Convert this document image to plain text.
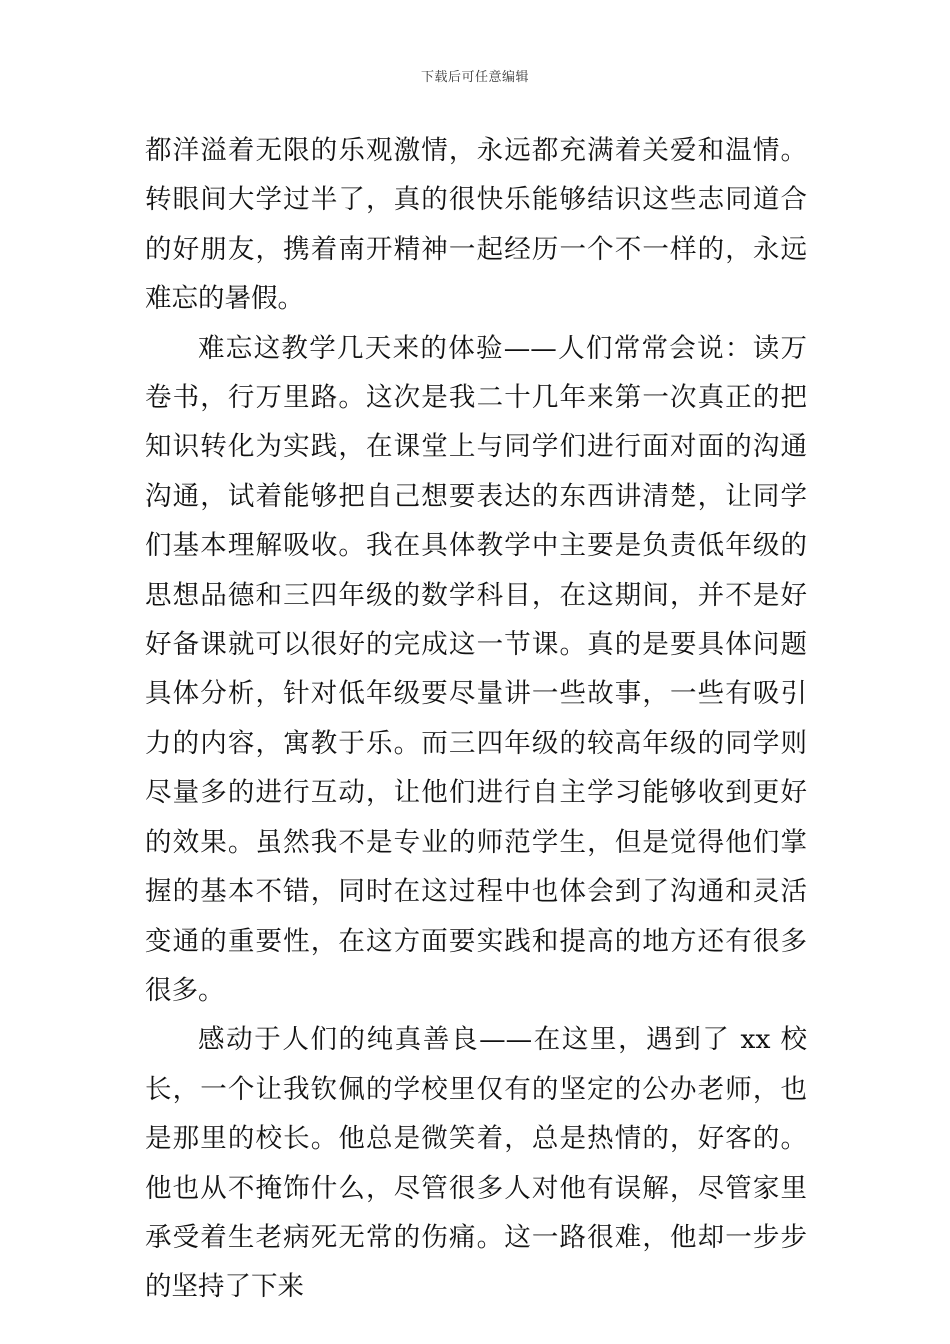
下载后可任意编辑

都洋溢着无限的乐观激情，永远都充满着关爱和温情。转眼间大学过半了，真的很快乐能够结识这些志同道合的好朋友，携着南开精神一起经历一个不一样的，永远难忘的暑假。

难忘这教学几天来的体验——人们常常会说：读万卷书，行万里路。这次是我二十几年来第一次真正的把知识转化为实践，在课堂上与同学们进行面对面的沟通沟通，试着能够把自己想要表达的东西讲清楚，让同学们基本理解吸收。我在具体教学中主要是负责低年级的思想品德和三四年级的数学科目，在这期间，并不是好好备课就可以很好的完成这一节课。真的是要具体问题具体分析，针对低年级要尽量讲一些故事，一些有吸引力的内容，寓教于乐。而三四年级的较高年级的同学则尽量多的进行互动，让他们进行自主学习能够收到更好的效果。虽然我不是专业的师范学生，但是觉得他们掌握的基本不错，同时在这过程中也体会到了沟通和灵活变通的重要性，在这方面要实践和提高的地方还有很多很多。

感动于人们的纯真善良——在这里，遇到了 xx 校长，一个让我钦佩的学校里仅有的坚定的公办老师，也是那里的校长。他总是微笑着，总是热情的，好客的。他也从不掩饰什么，尽管很多人对他有误解，尽管家里承受着生老病死无常的伤痛。这一路很难，他却一步步的坚持了下来
